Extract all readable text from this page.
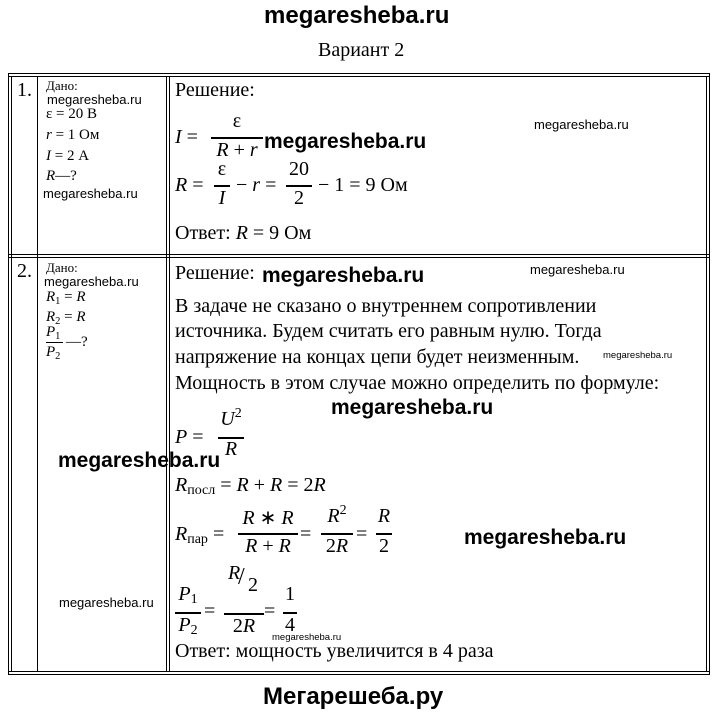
megaresheba.ru
Вариант 2
1. Дано:
megaresheba.ru
ε = 20 В
r = 1 Ом
I = 2 А
R—?
megaresheba.ru
Решение:
I =
ε
R + r megaresheba.ru
megaresheba.ru
R =
ε
I
− r =
20
2
− 1 = 9 Ом
Ответ: R = 9 Ом
2. Дано:
megaresheba.ru
$R_1 = R$
$R_2 = R$
$P_1$
$P_2$
—?
Решение: megaresheba.ru	megaresheba.ru
В задаче не сказано о внутреннем сопротивлении
источника. Будем считать его равным нулю. Тогда
напряжение на концах цепи будет неизменным. megaresheba.ru
Мощность в этом случае можно определить по формуле:
megaresheba.ru
P =
$U^2$
R
megaresheba.ru
$R_{посл} = R + R = 2R$
$R_{пар}$ =
R ∗ R
R + R
=
$R^2$
2R
=
R
2	megaresheba.ru
megaresheba.ru $P_1$
$P_2$
=
R
/ 2
2R
=
1
4
megaresheba.ru
Ответ: мощность увеличится в 4 раза
Мегарешеба.ру
